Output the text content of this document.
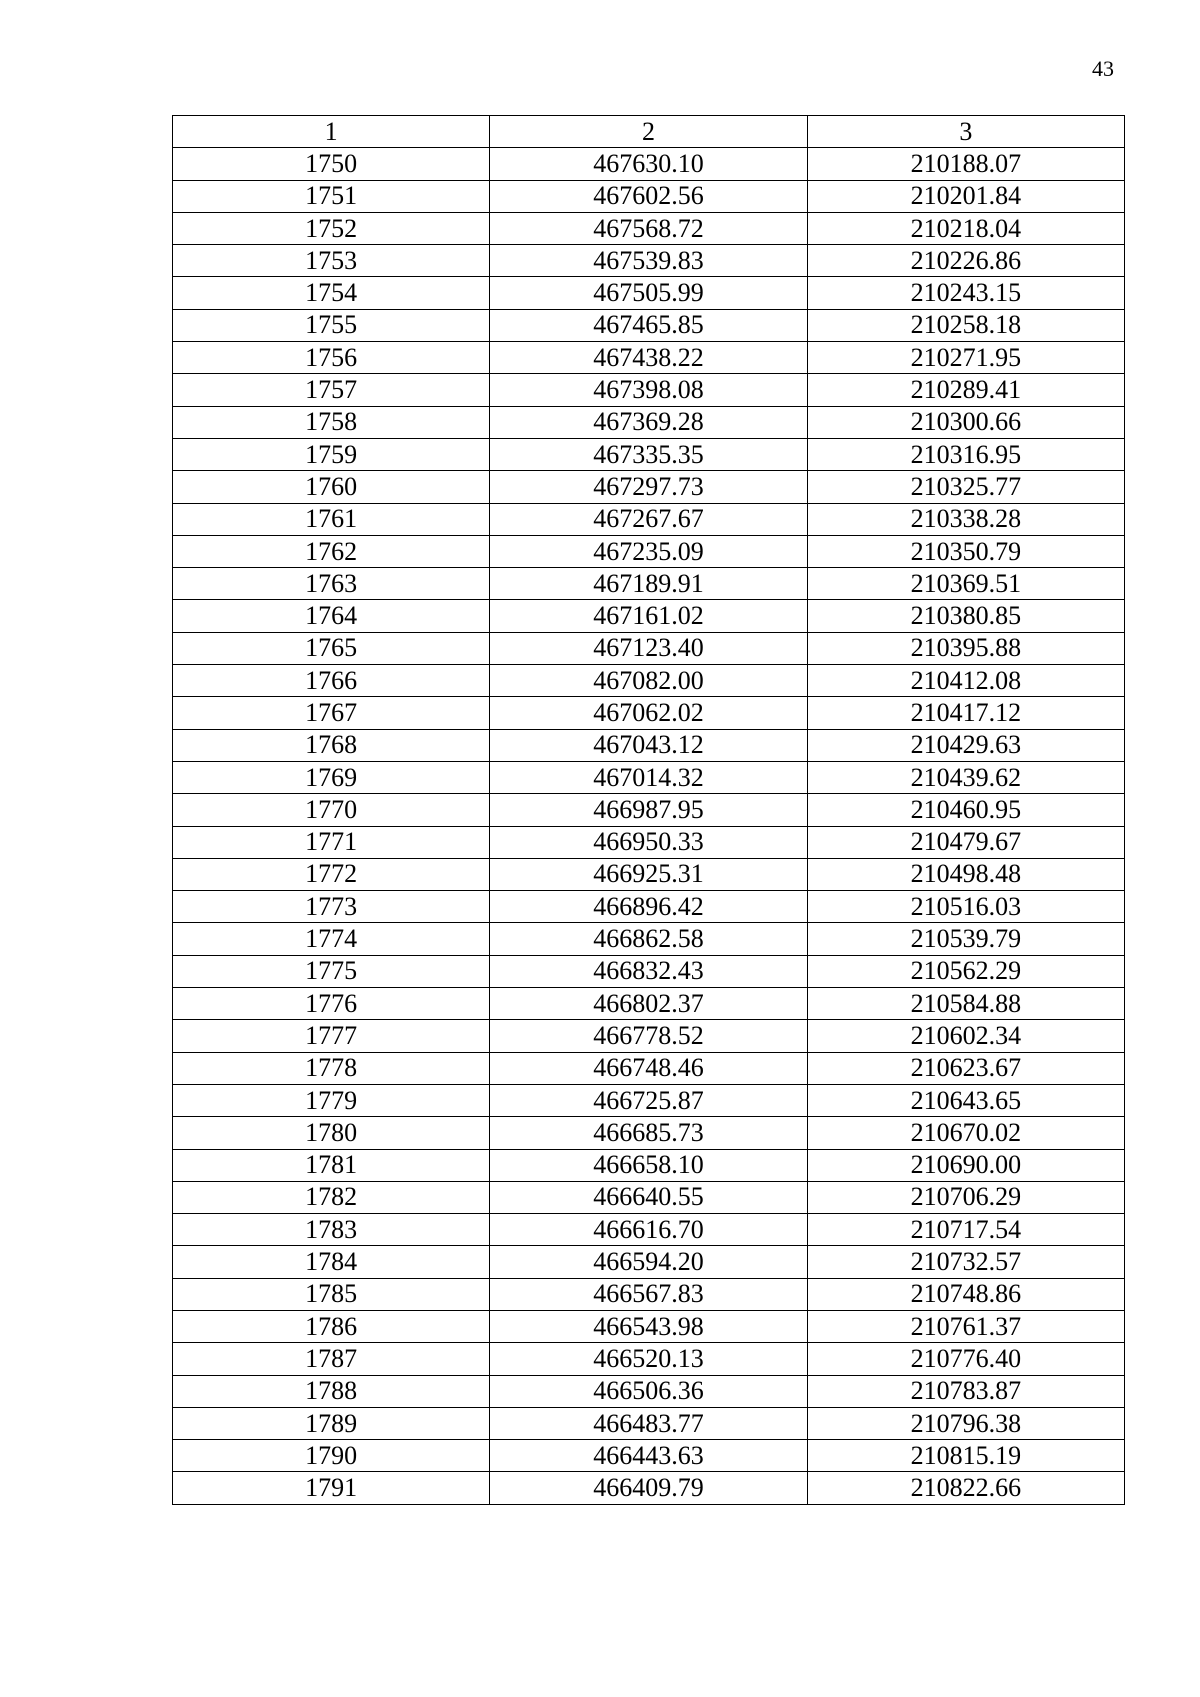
43
1	2	3
1750	467630.10	210188.07
1751	467602.56	210201.84
1752	467568.72	210218.04
1753	467539.83	210226.86
1754	467505.99	210243.15
1755	467465.85	210258.18
1756	467438.22	210271.95
1757	467398.08	210289.41
1758	467369.28	210300.66
1759	467335.35	210316.95
1760	467297.73	210325.77
1761	467267.67	210338.28
1762	467235.09	210350.79
1763	467189.91	210369.51
1764	467161.02	210380.85
1765	467123.40	210395.88
1766	467082.00	210412.08
1767	467062.02	210417.12
1768	467043.12	210429.63
1769	467014.32	210439.62
1770	466987.95	210460.95
1771	466950.33	210479.67
1772	466925.31	210498.48
1773	466896.42	210516.03
1774	466862.58	210539.79
1775	466832.43	210562.29
1776	466802.37	210584.88
1777	466778.52	210602.34
1778	466748.46	210623.67
1779	466725.87	210643.65
1780	466685.73	210670.02
1781	466658.10	210690.00
1782	466640.55	210706.29
1783	466616.70	210717.54
1784	466594.20	210732.57
1785	466567.83	210748.86
1786	466543.98	210761.37
1787	466520.13	210776.40
1788	466506.36	210783.87
1789	466483.77	210796.38
1790	466443.63	210815.19
1791	466409.79	210822.66
